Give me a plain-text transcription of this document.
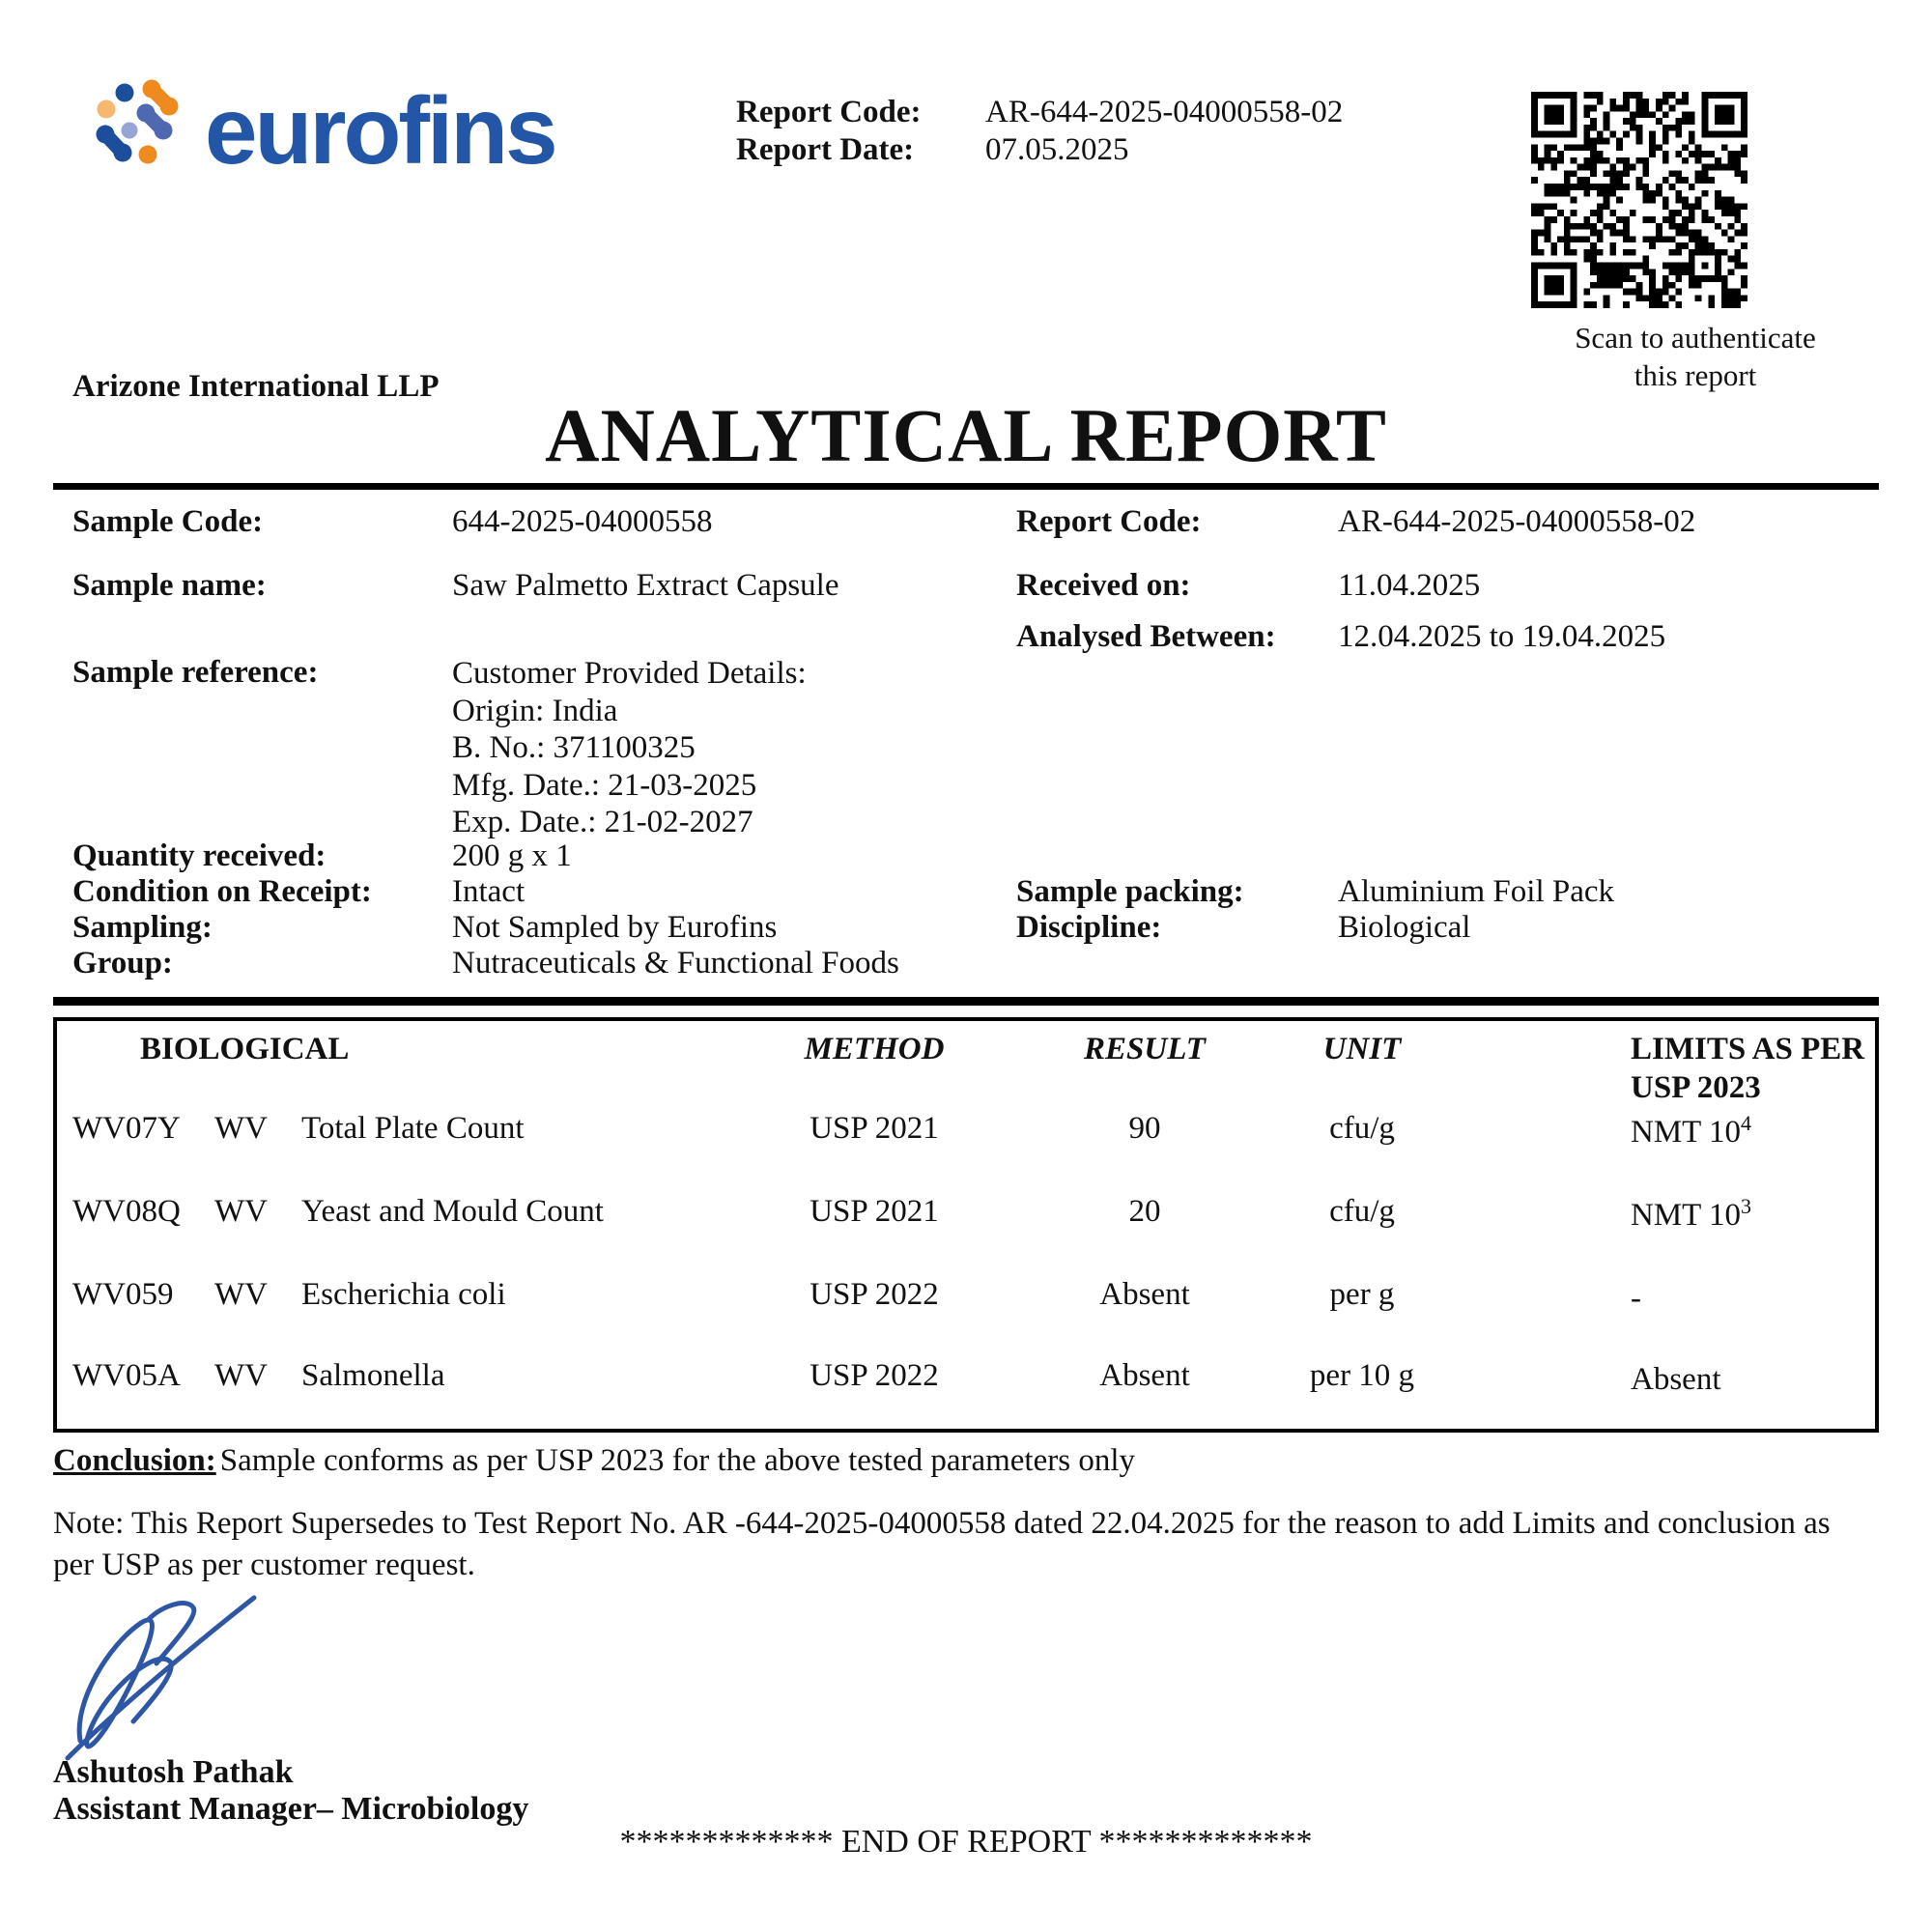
eurofins	Report Code: AR-644-2025-04000558-02
Report Date: 07.05.2025
Scan to authenticate
this report
Arizone International LLP
ANALYTICAL REPORT
Sample Code:	644-2025-04000558	Report Code:	AR-644-2025-04000558-02
Sample name:	Saw Palmetto Extract Capsule	Received on:	11.04.2025
Analysed Between: 12.04.2025 to 19.04.2025
Sample reference:	Customer Provided Details:
Origin: India
B. No.: 371100325
Mfg. Date.: 21-03-2025
Exp. Date.: 21-02-2027
Quantity received:	200 g x 1
Condition on Receipt:	Intact	Sample packing:	Aluminium Foil Pack
Sampling:	Not Sampled by Eurofins	Discipline:	Biological
Group:	Nutraceuticals & Functional Foods
BIOLOGICAL	METHOD	RESULT	UNIT	LIMITS AS PER
USP 2023
WV07Y WV Total Plate Count	USP 2021	90	cfu/g	NMT $10^4$
WV08Q WV Yeast and Mould Count	USP 2021	20	cfu/g	NMT $10^3$
WV059 WV Escherichia coli	USP 2022	Absent	per g	-
WV05A WV Salmonella	USP 2022	Absent	per 10 g	Absent
Conclusion: Sample conforms as per USP 2023 for the above tested parameters only
Note: This Report Supersedes to Test Report No. AR -644-2025-04000558 dated 22.04.2025 for the reason to add Limits and conclusion as per USP as per customer request.
Ashutosh Pathak
Assistant Manager– Microbiology
************* END OF REPORT *************
